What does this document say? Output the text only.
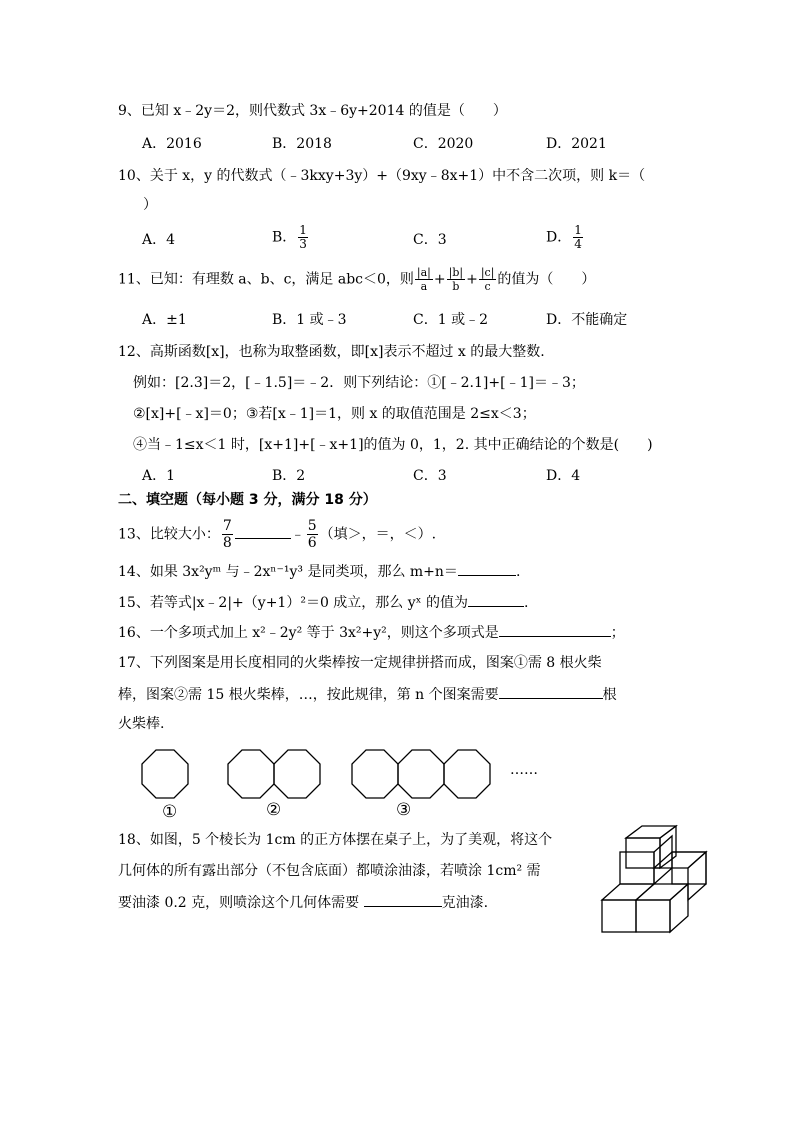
9、已知 x﹣2y＝2，则代数式 3x﹣6y+2014 的值是（　　）
A．2016	B．2018	C．2020	D．2021
10、关于 x，y 的代数式（﹣3kxy+3y）+（9xy﹣8x+1）中不含二次项，则 k＝（
）
A．4	B． $\frac{1}{3}$	C．3	D． $\frac{1}{4}$
11、已知：有理数 a、b、c，满足 abc＜0，则 $\frac{|a|}{a} + \frac{|b|}{b} + \frac{|c|}{c}$ 的值为（　　）
A．±1	B．1 或﹣3	C．1 或﹣2	D．不能确定
12、高斯函数[x]，也称为取整函数，即[x]表示不超过 x 的最大整数.
例如：[2.3]＝2，[﹣1.5]＝﹣2．则下列结论：①[﹣2.1]+[﹣1]＝﹣3；
②[x]+[﹣x]＝0；③若[x﹣1]＝1，则 x 的取值范围是 2≤x＜3；
④当﹣1≤x＜1 时，[x+1]+[﹣x+1]的值为 0，1，2. 其中正确结论的个数是(　　)
A．1	B．2	C．3	D．4
二、填空题（每小题 3 分，满分 18 分）
13、比较大小： $\frac{7}{8}$	﹣ $\frac{5}{6}$ （填＞，＝，＜）.
14、如果 3x²yᵐ 与﹣2xⁿ⁻¹y³ 是同类项，那么 m+n＝	.
15、若等式|x﹣2|+（y+1）²＝0 成立，那么 yˣ 的值为	.
16、一个多项式加上 x²﹣2y² 等于 3x²+y²，则这个多项式是	；
17、下列图案是用长度相同的火柴棒按一定规律拼搭而成，图案①需 8 根火柴
棒，图案②需 15 根火柴棒，…，按此规律，第 n 个图案需要	根
火柴棒.
①	②	③
……
18、如图，5 个棱长为 1cm 的正方体摆在桌子上，为了美观，将这个
几何体的所有露出部分（不包含底面）都喷涂油漆，若喷涂 1cm² 需
要油漆 0.2 克，则喷涂这个几何体需要	克油漆.
